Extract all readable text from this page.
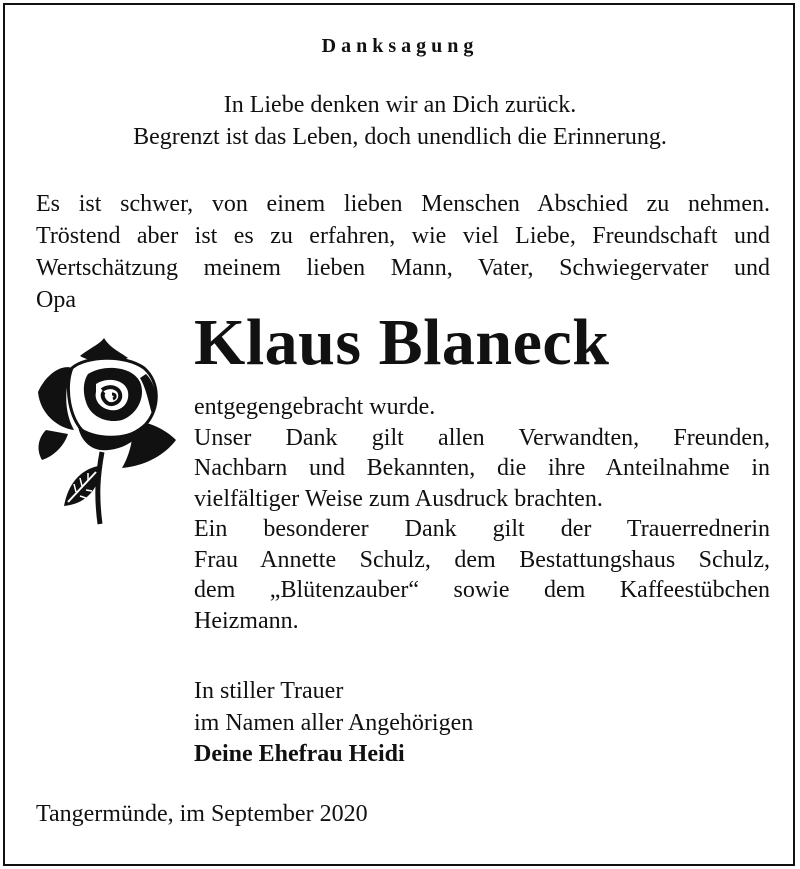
Danksagung
In Liebe denken wir an Dich zurück.
Begrenzt ist das Leben, doch unendlich die Erinnerung.
Es ist schwer, von einem lieben Menschen Abschied zu nehmen.
Tröstend aber ist es zu erfahren, wie viel Liebe, Freundschaft und
Wertschätzung meinem lieben Mann, Vater, Schwiegervater und
Opa
Klaus Blaneck
entgegengebracht wurde.
Unser Dank gilt allen Verwandten, Freunden,
Nachbarn und Bekannten, die ihre Anteilnahme in
vielfältiger Weise zum Ausdruck brachten.
Ein besonderer Dank gilt der Trauerrednerin
Frau Annette Schulz, dem Bestattungshaus Schulz,
dem „Blütenzauber“ sowie dem Kaffeestübchen
Heizmann.
In stiller Trauer
im Namen aller Angehörigen
Deine Ehefrau Heidi
Tangermünde, im September 2020
